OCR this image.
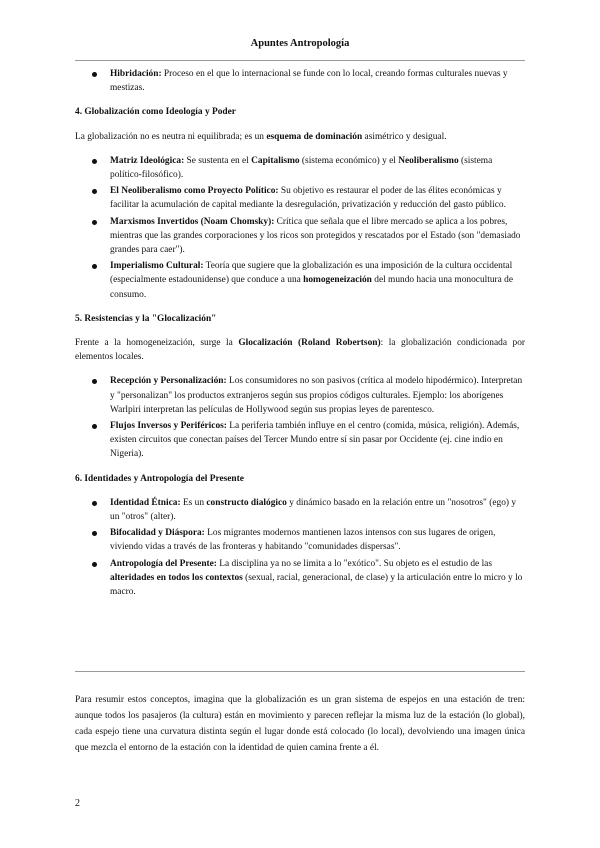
Apuntes Antropología
Hibridación: Proceso en el que lo internacional se funde con lo local, creando formas culturales nuevas y mestizas.

4. Globalización como Ideología y Poder

La globalización no es neutra ni equilibrada; es un esquema de dominación asimétrico y desigual.

Matriz Ideológica: Se sustenta en el Capitalismo (sistema económico) y el Neoliberalismo (sistema político-filosófico).
El Neoliberalismo como Proyecto Político: Su objetivo es restaurar el poder de las élites económicas y facilitar la acumulación de capital mediante la desregulación, privatización y reducción del gasto público.
Marxismos Invertidos (Noam Chomsky): Crítica que señala que el libre mercado se aplica a los pobres, mientras que las grandes corporaciones y los ricos son protegidos y rescatados por el Estado (son "demasiado grandes para caer").
Imperialismo Cultural: Teoría que sugiere que la globalización es una imposición de la cultura occidental (especialmente estadounidense) que conduce a una homogeneización del mundo hacia una monocultura de consumo.

5. Resistencias y la "Glocalización"

Frente a la homogeneización, surge la Glocalización (Roland Robertson): la globalización condicionada por elementos locales.

Recepción y Personalización: Los consumidores no son pasivos (crítica al modelo hipodérmico). Interpretan y "personalizan" los productos extranjeros según sus propios códigos culturales. Ejemplo: los aborígenes Warlpiri interpretan las películas de Hollywood según sus propias leyes de parentesco.
Flujos Inversos y Periféricos: La periferia también influye en el centro (comida, música, religión). Además, existen circuitos que conectan países del Tercer Mundo entre sí sin pasar por Occidente (ej. cine indio en Nigeria).

6. Identidades y Antropología del Presente

Identidad Étnica: Es un constructo dialógico y dinámico basado en la relación entre un "nosotros" (ego) y un "otros" (alter).
Bifocalidad y Diáspora: Los migrantes modernos mantienen lazos intensos con sus lugares de origen, viviendo vidas a través de las fronteras y habitando "comunidades dispersas".
Antropología del Presente: La disciplina ya no se limita a lo "exótico". Su objeto es el estudio de las alteridades en todos los contextos (sexual, racial, generacional, de clase) y la articulación entre lo micro y lo macro.

Para resumir estos conceptos, imagina que la globalización es un gran sistema de espejos en una estación de tren: aunque todos los pasajeros (la cultura) están en movimiento y parecen reflejar la misma luz de la estación (lo global), cada espejo tiene una curvatura distinta según el lugar donde está colocado (lo local), devolviendo una imagen única que mezcla el entorno de la estación con la identidad de quien camina frente a él.

2
